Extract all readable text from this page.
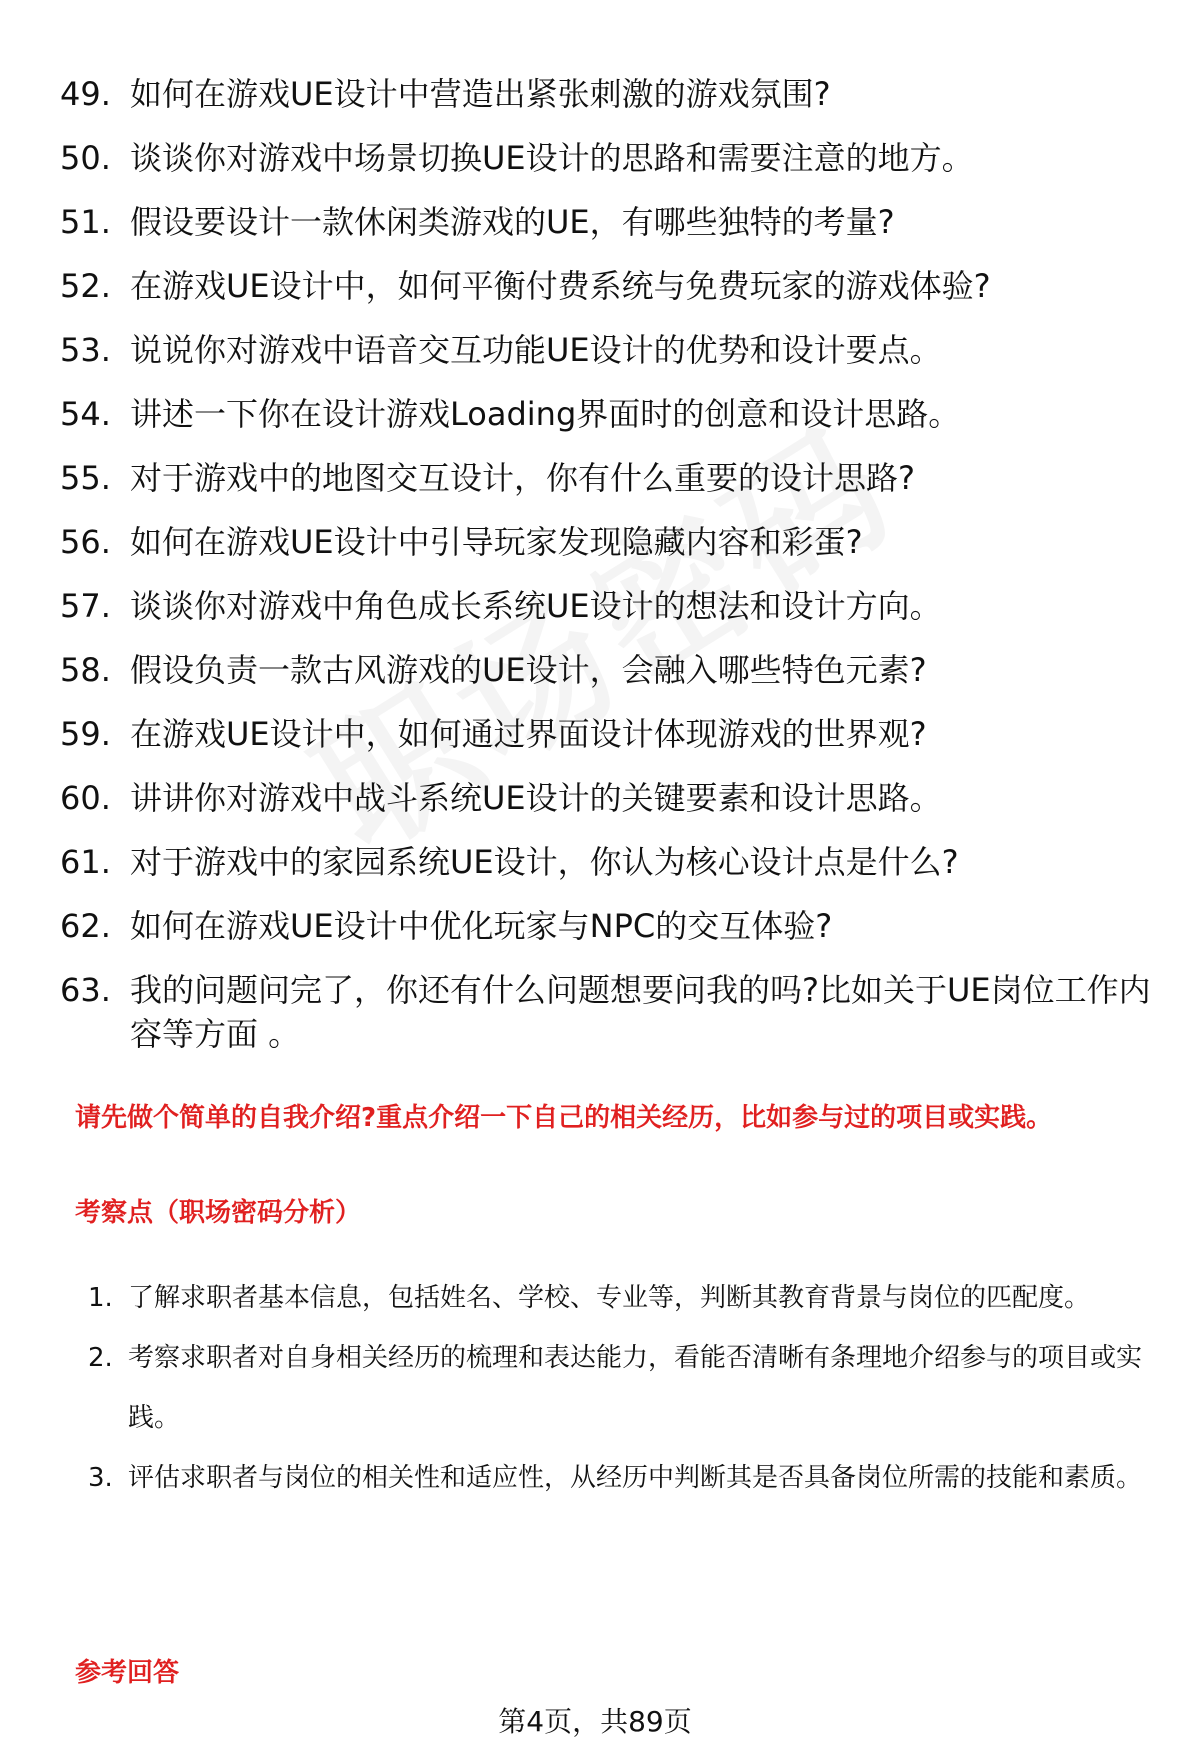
49. 如何在游戏UE设计中营造出紧张刺激的游戏氛围?
50. 谈谈你对游戏中场景切换UE设计的思路和需要注意的地方。
51. 假设要设计一款休闲类游戏的UE，有哪些独特的考量?
52. 在游戏UE设计中，如何平衡付费系统与免费玩家的游戏体验?
53. 说说你对游戏中语音交互功能UE设计的优势和设计要点。
54. 讲述一下你在设计游戏Loading界面时的创意和设计思路。
55. 对于游戏中的地图交互设计，你有什么重要的设计思路?
56. 如何在游戏UE设计中引导玩家发现隐藏内容和彩蛋?
57. 谈谈你对游戏中角色成长系统UE设计的想法和设计方向。
58. 假设负责一款古风游戏的UE设计，会融入哪些特色元素?
59. 在游戏UE设计中，如何通过界面设计体现游戏的世界观?
60. 讲讲你对游戏中战斗系统UE设计的关键要素和设计思路。
61. 对于游戏中的家园系统UE设计，你认为核心设计点是什么?
62. 如何在游戏UE设计中优化玩家与NPC的交互体验?
63. 我的问题问完了，你还有什么问题想要问我的吗?比如关于UE岗位工作内容等方面 。
请先做个简单的自我介绍?重点介绍一下自己的相关经历，比如参与过的项目或实践。
考察点（职场密码分析）
1. 了解求职者基本信息，包括姓名、学校、专业等，判断其教育背景与岗位的匹配度。
2. 考察求职者对自身相关经历的梳理和表达能力，看能否清晰有条理地介绍参与的项目或实践。
3. 评估求职者与岗位的相关性和适应性，从经历中判断其是否具备岗位所需的技能和素质。
参考回答
第4页，共89页
